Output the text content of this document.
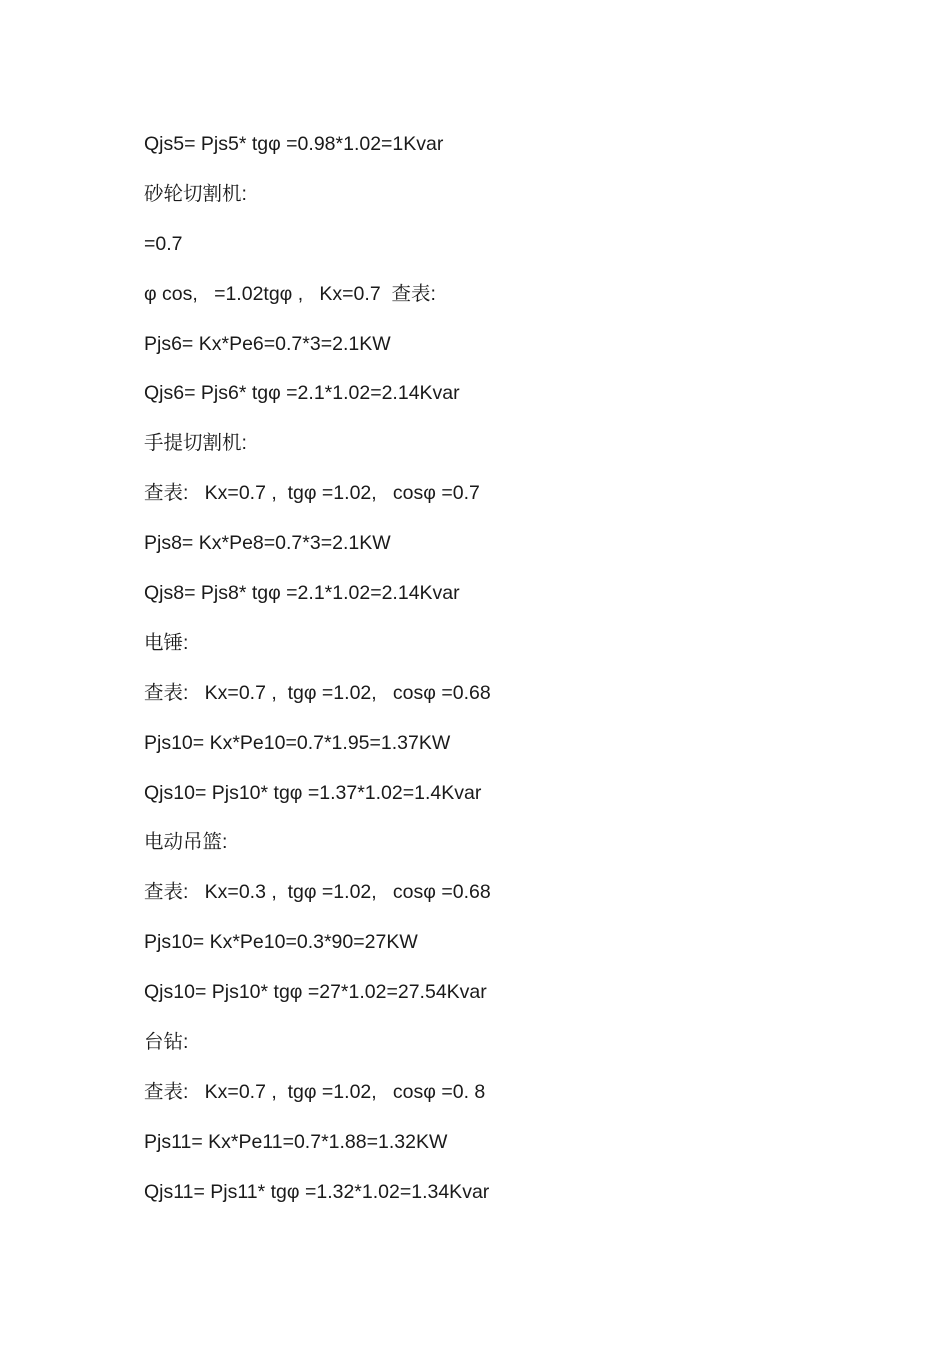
Qjs5= Pjs5* tgφ =0.98*1.02=1Kvar
砂轮切割机:
=0.7
φ cos,   =1.02tgφ ,   Kx=0.7  查表:
Pjs6= Kx*Pe6=0.7*3=2.1KW
Qjs6= Pjs6* tgφ =2.1*1.02=2.14Kvar
手提切割机:
查表:   Kx=0.7 ,  tgφ =1.02,   cosφ =0.7
Pjs8= Kx*Pe8=0.7*3=2.1KW
Qjs8= Pjs8* tgφ =2.1*1.02=2.14Kvar
电锤:
查表:   Kx=0.7 ,  tgφ =1.02,   cosφ =0.68
Pjs10= Kx*Pe10=0.7*1.95=1.37KW
Qjs10= Pjs10* tgφ =1.37*1.02=1.4Kvar
电动吊篮:
查表:   Kx=0.3 ,  tgφ =1.02,   cosφ =0.68
Pjs10= Kx*Pe10=0.3*90=27KW
Qjs10= Pjs10* tgφ =27*1.02=27.54Kvar
台钻:
查表:   Kx=0.7 ,  tgφ =1.02,   cosφ =0. 8
Pjs11= Kx*Pe11=0.7*1.88=1.32KW
Qjs11= Pjs11* tgφ =1.32*1.02=1.34Kvar
